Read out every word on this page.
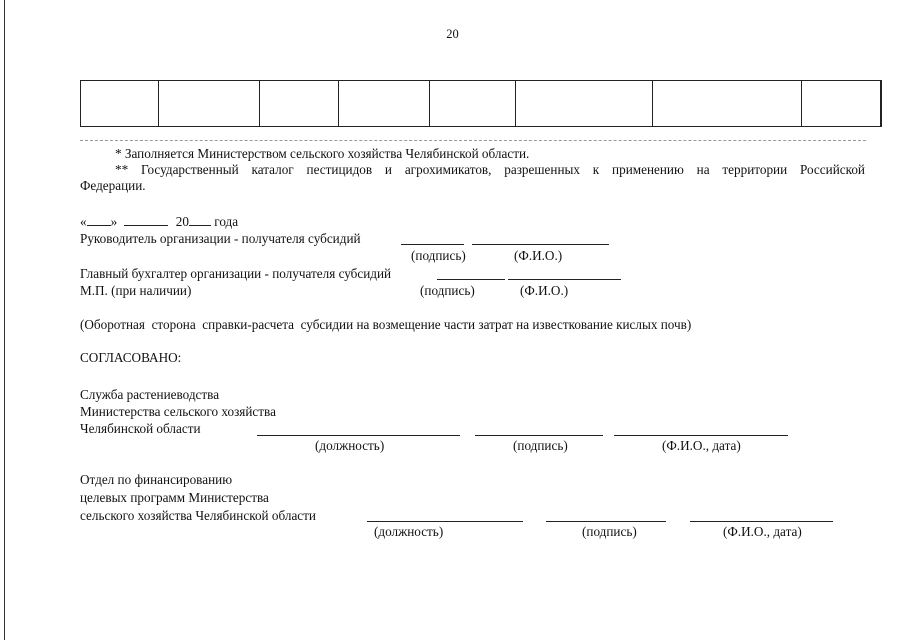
20

* Заполняется Министерством сельского хозяйства Челябинской области.
** Государственный каталог пестицидов и агрохимикатов, разрешенных к применению на территории Российской
Федерации.
« »	20 года
Руководитель организации - получателя субсидий
(подпись)	(Ф.И.О.)
Главный бухгалтер организации - получателя субсидий
М.П. (при наличии)	(подпись)	(Ф.И.О.)
(Оборотная  сторона  справки-расчета  субсидии на возмещение части затрат на известкование кислых почв)
СОГЛАСОВАНО:
Служба растениеводства
Министерства сельского хозяйства
Челябинской области
(должность)	(подпись)	(Ф.И.О., дата)
Отдел по финансированию
целевых программ Министерства
сельского хозяйства Челябинской области
(должность)	(подпись)	(Ф.И.О., дата)
